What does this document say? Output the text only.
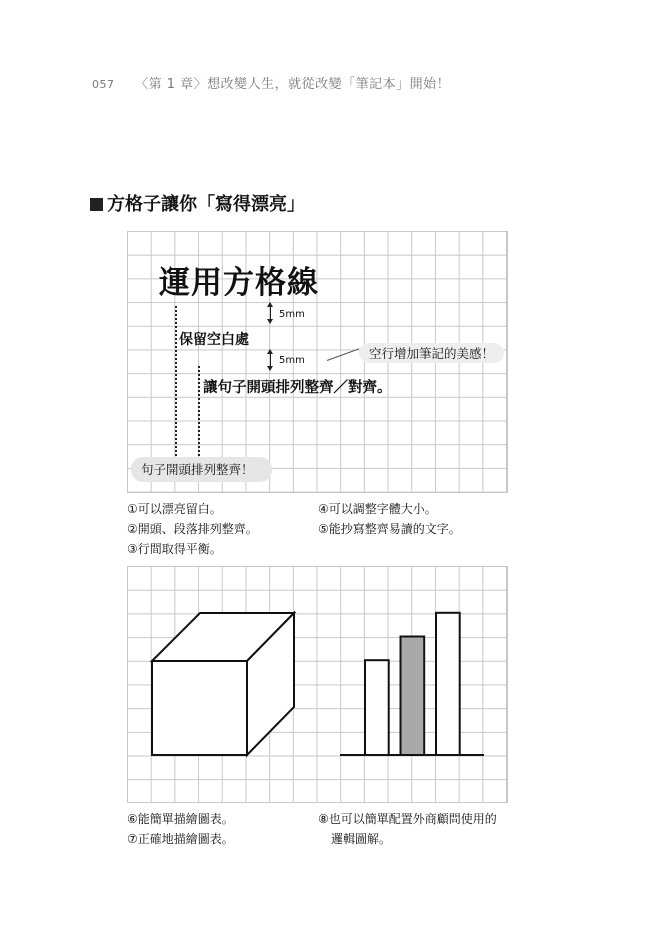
057 〈第 1 章〉想改變人生，就從改變「筆記本」開始！
方格子讓你「寫得漂亮」
運用方格線
5mm
保留空白處
5mm	空行增加筆記的美感！
讓句子開頭排列整齊／對齊。
句子開頭排列整齊！
①可以漂亮留白。
②開頭、段落排列整齊。
③行間取得平衡。
④可以調整字體大小。
⑤能抄寫整齊易讀的文字。
⑥能簡單描繪圖表。
⑦正確地描繪圖表。
⑧也可以簡單配置外商顧問使用的
邏輯圖解。
